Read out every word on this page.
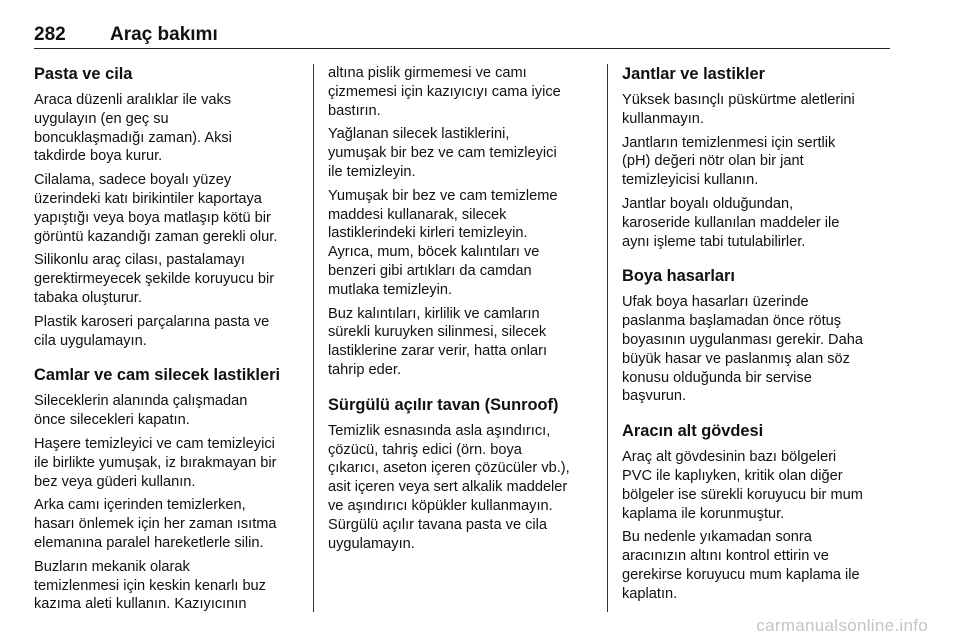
282 Araç bakımı
Pasta ve cila

Araca düzenli aralıklar ile vaks
uygulayın (en geç su
boncuklaşmadığı zaman). Aksi
takdirde boya kurur.

Cilalama, sadece boyalı yüzey
üzerindeki katı birikintiler kaportaya
yapıştığı veya boya matlaşıp kötü bir
görüntü kazandığı zaman gerekli olur.

Silikonlu araç cilası, pastalamayı
gerektirmeyecek şekilde koruyucu bir
tabaka oluşturur.

Plastik karoseri parçalarına pasta ve
cila uygulamayın.

Camlar ve cam silecek lastikleri

Sileceklerin alanında çalışmadan
önce silecekleri kapatın.

Haşere temizleyici ve cam temizleyici
ile birlikte yumuşak, iz bırakmayan bir
bez veya güderi kullanın.

Arka camı içerinden temizlerken,
hasarı önlemek için her zaman ısıtma
elemanına paralel hareketlerle silin.

Buzların mekanik olarak
temizlenmesi için keskin kenarlı buz
kazıma aleti kullanın. Kazıyıcının

altına pislik girmemesi ve camı
çizmemesi için kazıyıcıyı cama iyice
bastırın.

Yağlanan silecek lastiklerini,
yumuşak bir bez ve cam temizleyici
ile temizleyin.

Yumuşak bir bez ve cam temizleme
maddesi kullanarak, silecek
lastiklerindeki kirleri temizleyin.
Ayrıca, mum, böcek kalıntıları ve
benzeri gibi artıkları da camdan
mutlaka temizleyin.

Buz kalıntıları, kirlilik ve camların
sürekli kuruyken silinmesi, silecek
lastiklerine zarar verir, hatta onları
tahrip eder.

Sürgülü açılır tavan (Sunroof)

Temizlik esnasında asla aşındırıcı,
çözücü, tahriş edici (örn. boya
çıkarıcı, aseton içeren çözücüler vb.),
asit içeren veya sert alkalik maddeler
ve aşındırıcı köpükler kullanmayın.
Sürgülü açılır tavana pasta ve cila
uygulamayın.

Jantlar ve lastikler

Yüksek basınçlı püskürtme aletlerini
kullanmayın.

Jantların temizlenmesi için sertlik
(pH) değeri nötr olan bir jant
temizleyicisi kullanın.

Jantlar boyalı olduğundan,
karoseride kullanılan maddeler ile
aynı işleme tabi tutulabilirler.

Boya hasarları

Ufak boya hasarları üzerinde
paslanma başlamadan önce rötuş
boyasının uygulanması gerekir. Daha
büyük hasar ve paslanmış alan söz
konusu olduğunda bir servise
başvurun.

Aracın alt gövdesi

Araç alt gövdesinin bazı bölgeleri
PVC ile kaplıyken, kritik olan diğer
bölgeler ise sürekli koruyucu bir mum
kaplama ile korunmuştur.

Bu nedenle yıkamadan sonra
aracınızın altını kontrol ettirin ve
gerekirse koruyucu mum kaplama ile
kaplatın.

carmanualsonline.info
